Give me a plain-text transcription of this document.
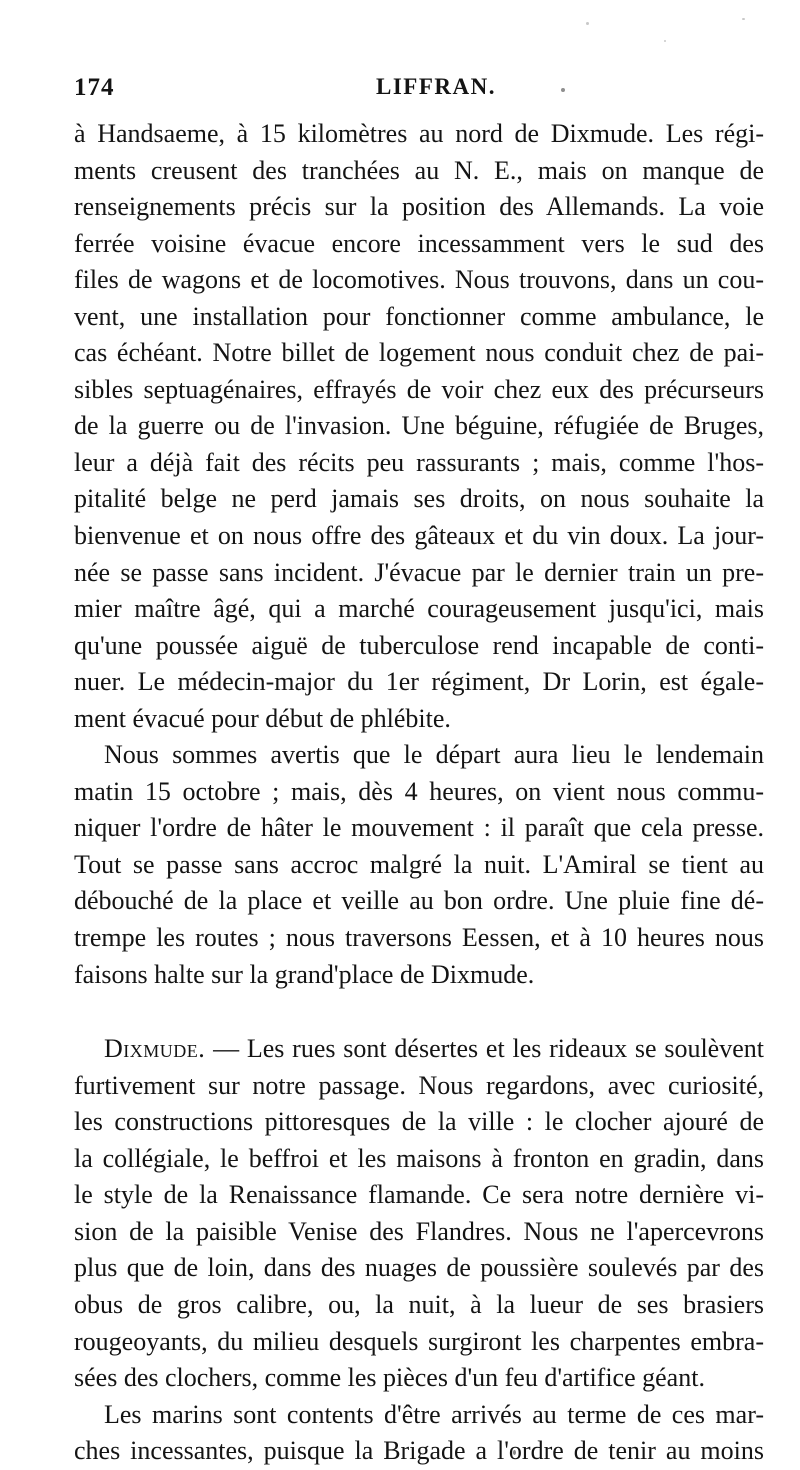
174	LIFFRAN.
à Handsaeme, à 15 kilomètres au nord de Dixmude. Les régi-
ments creusent des tranchées au N. E., mais on manque de
renseignements précis sur la position des Allemands. La voie
ferrée voisine évacue encore incessamment vers le sud des
files de wagons et de locomotives. Nous trouvons, dans un cou-
vent, une installation pour fonctionner comme ambulance, le
cas échéant. Notre billet de logement nous conduit chez de pai-
sibles septuagénaires, effrayés de voir chez eux des précurseurs
de la guerre ou de l'invasion. Une béguine, réfugiée de Bruges,
leur a déjà fait des récits peu rassurants ; mais, comme l'hos-
pitalité belge ne perd jamais ses droits, on nous souhaite la
bienvenue et on nous offre des gâteaux et du vin doux. La jour-
née se passe sans incident. J'évacue par le dernier train un pre-
mier maître âgé, qui a marché courageusement jusqu'ici, mais
qu'une poussée aiguë de tuberculose rend incapable de conti-
nuer. Le médecin-major du 1er régiment, Dr Lorin, est égale-
ment évacué pour début de phlébite.
Nous sommes avertis que le départ aura lieu le lendemain
matin 15 octobre ; mais, dès 4 heures, on vient nous commu-
niquer l'ordre de hâter le mouvement : il paraît que cela presse.
Tout se passe sans accroc malgré la nuit. L'Amiral se tient au
débouché de la place et veille au bon ordre. Une pluie fine dé-
trempe les routes ; nous traversons Eessen, et à 10 heures nous
faisons halte sur la grand'place de Dixmude.
Dixmude. — Les rues sont désertes et les rideaux se soulèvent
furtivement sur notre passage. Nous regardons, avec curiosité,
les constructions pittoresques de la ville : le clocher ajouré de
la collégiale, le beffroi et les maisons à fronton en gradin, dans
le style de la Renaissance flamande. Ce sera notre dernière vi-
sion de la paisible Venise des Flandres. Nous ne l'apercevrons
plus que de loin, dans des nuages de poussière soulevés par des
obus de gros calibre, ou, la nuit, à la lueur de ses brasiers
rougeoyants, du milieu desquels surgiront les charpentes embra-
sées des clochers, comme les pièces d'un feu d'artifice géant.
Les marins sont contents d'être arrivés au terme de ces mar-
ches incessantes, puisque la Brigade a l'ordre de tenir au moins
